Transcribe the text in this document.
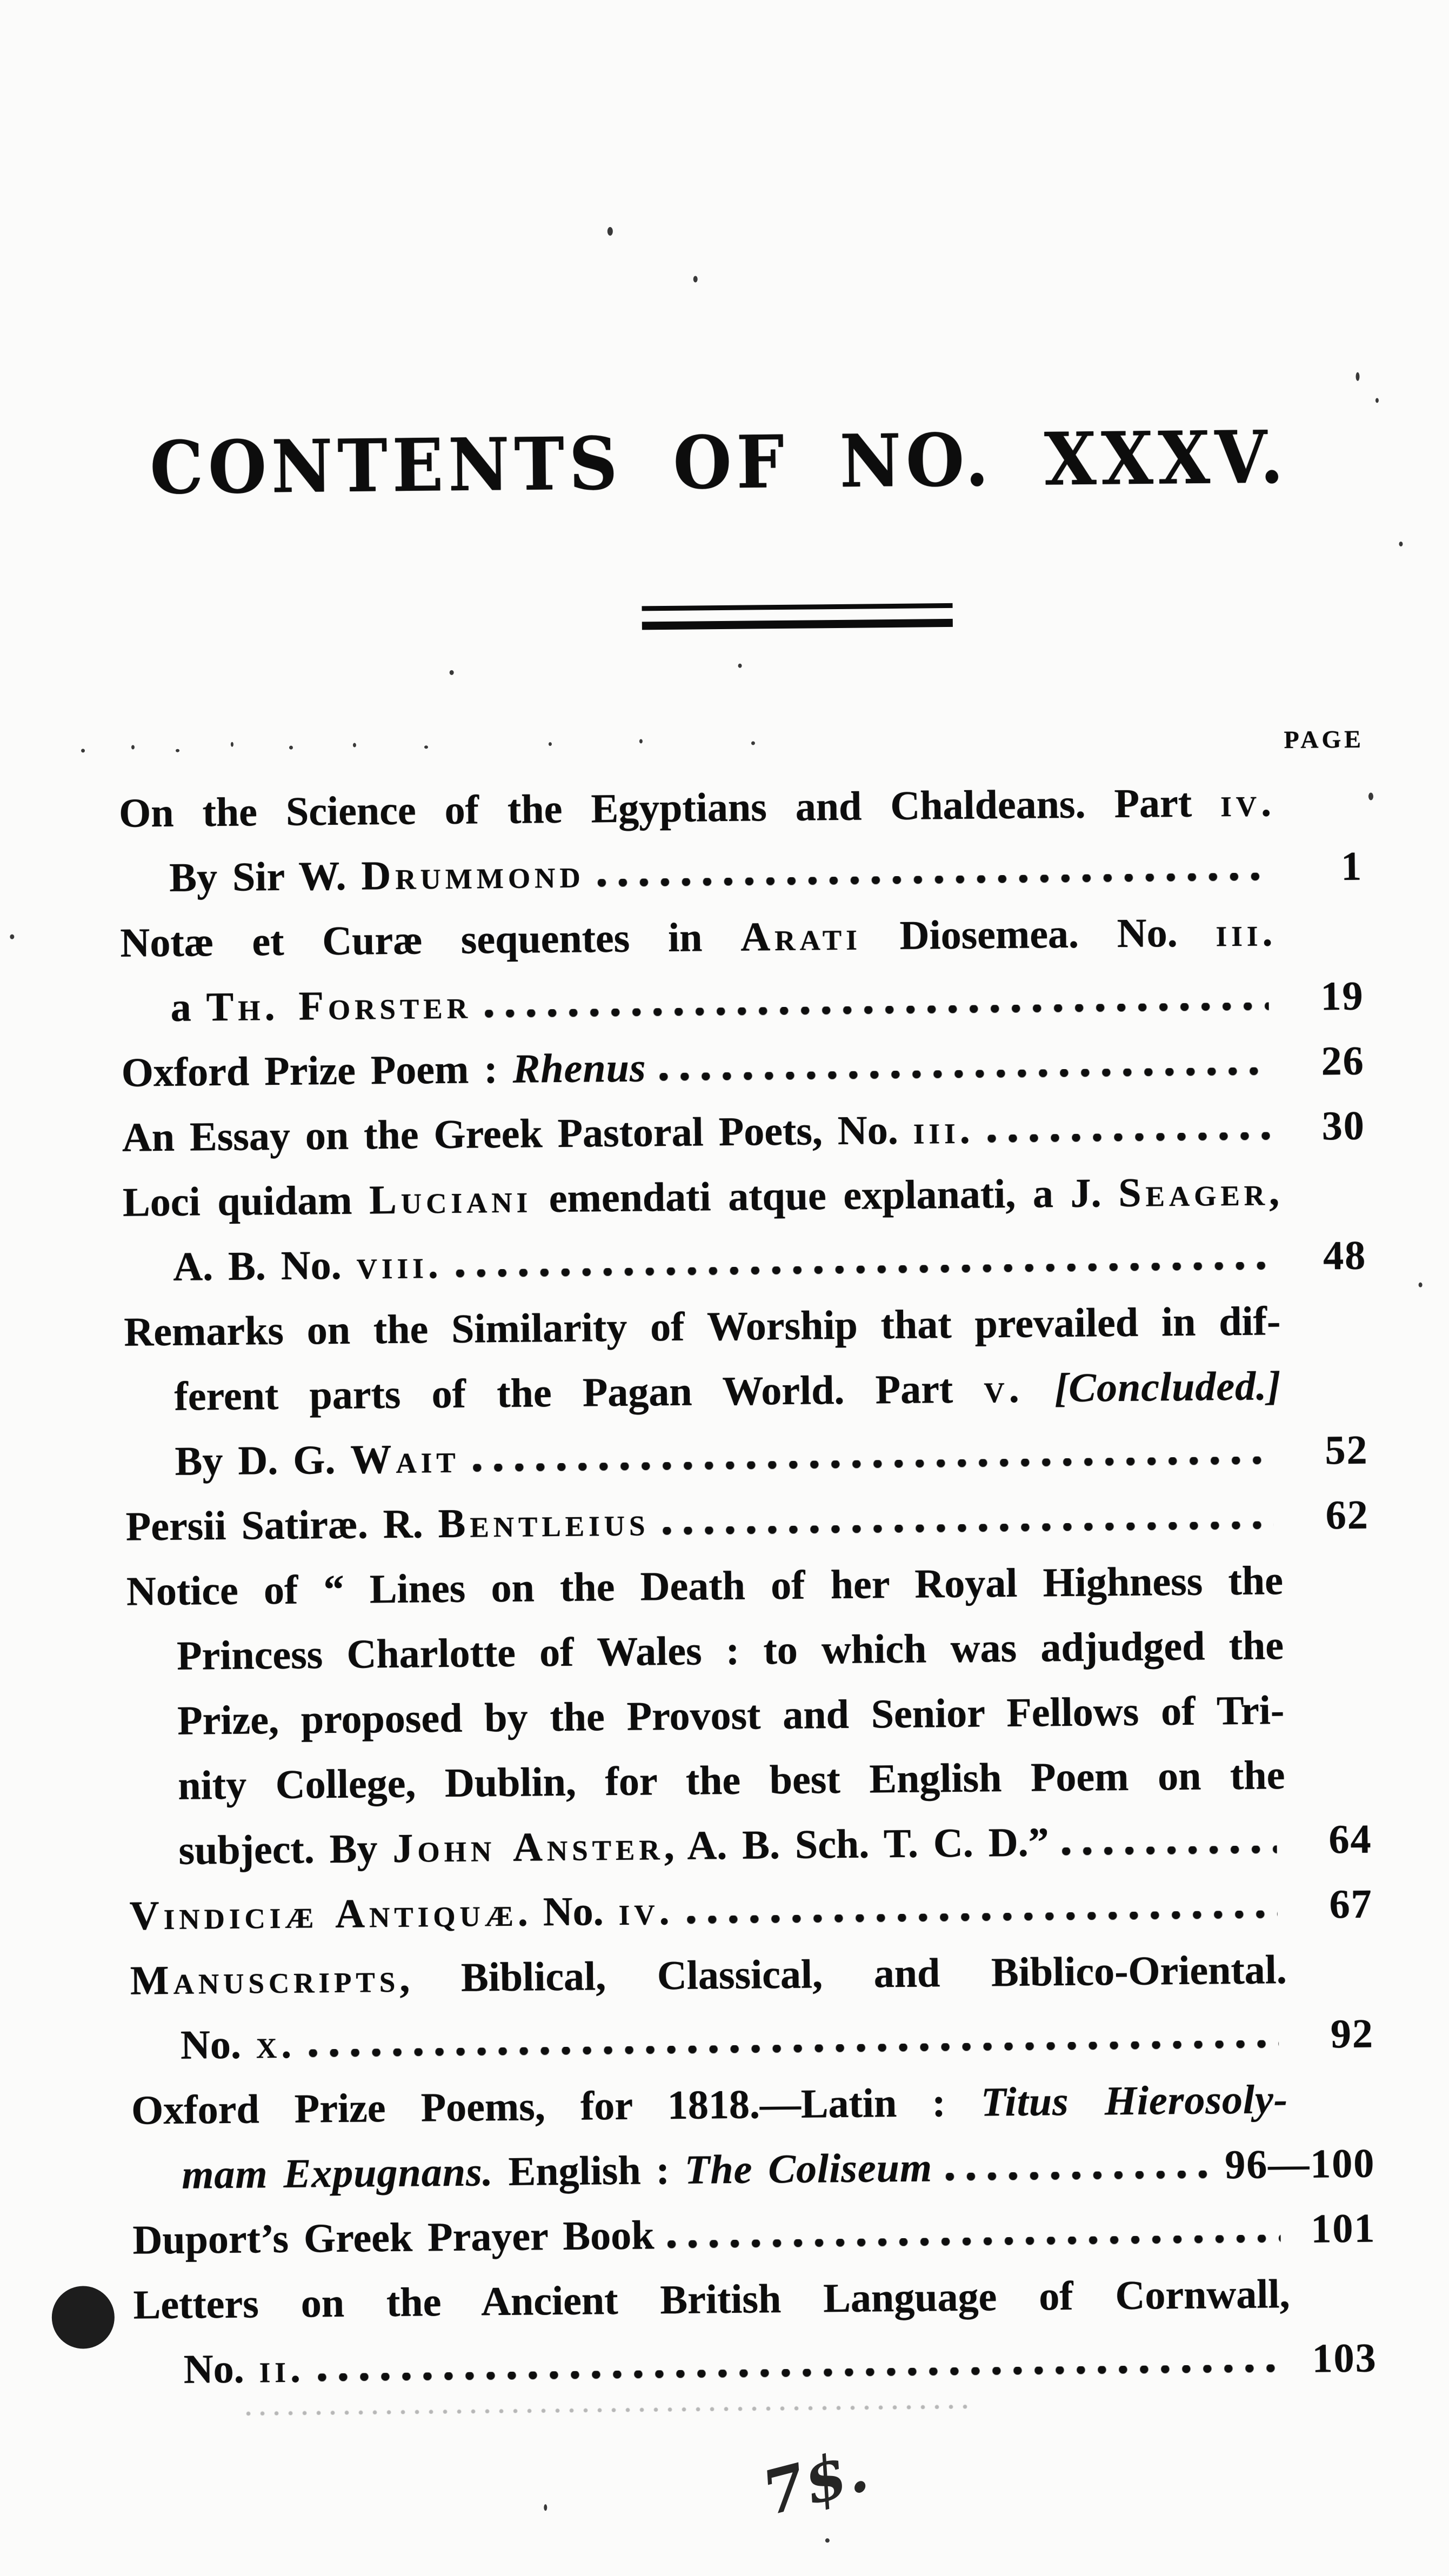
CONTENTS OF NO. XXXV.
PAGE
On the Science of the Egyptians and Chaldeans. Part iv.
By Sir W. Drummond	1
Notæ et Curæ sequentes in Arati Diosemea. No. iii.
a Th. Forster	19
Oxford Prize Poem : Rhenus	26
An Essay on the Greek Pastoral Poets, No. iii.	30
Loci quidam Luciani emendati atque explanati, a J. Seager,
A. B. No. viii.	48
Remarks on the Similarity of Worship that prevailed in dif-
ferent parts of the Pagan World. Part v. [Concluded.]
By D. G. Wait	52
Persii Satiræ. R. Bentleius	62
Notice of “ Lines on the Death of her Royal Highness the
Princess Charlotte of Wales : to which was adjudged the
Prize, proposed by the Provost and Senior Fellows of Tri-
nity College, Dublin, for the best English Poem on the
subject. By John Anster, A. B. Sch. T. C. D.”	64
Vindiciæ Antiquæ. No. iv.	67
Manuscripts, Biblical, Classical, and Biblico-Oriental.
No. x.	92
Oxford Prize Poems, for 1818.—Latin : Titus Hierosoly-
mam Expugnans. English : The Coliseum	96—100
Duport’s Greek Prayer Book	101
Letters on the Ancient British Language of Cornwall,
No. ii.	103
7$.
